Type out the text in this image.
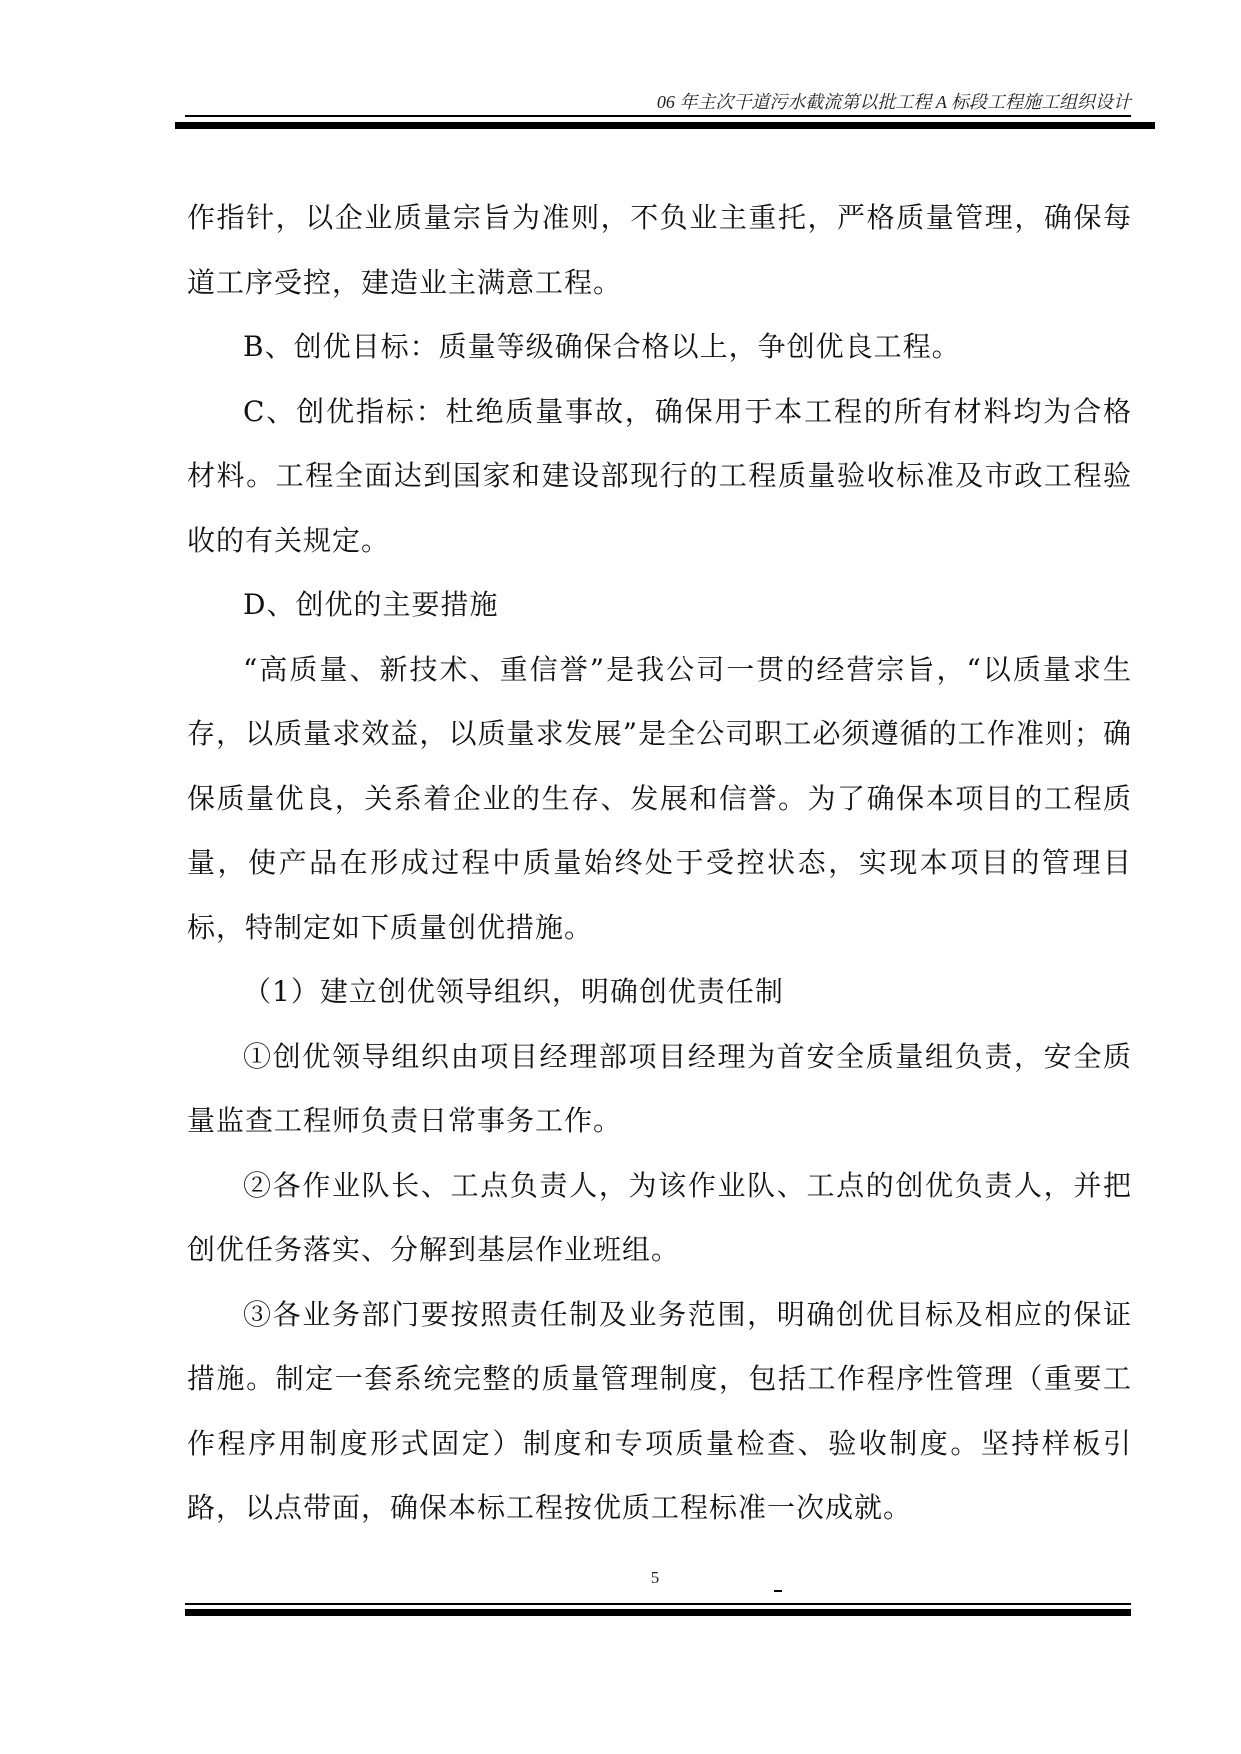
06 年主次干道污水截流第以批工程 A 标段工程施工组织设计

作指针，以企业质量宗旨为准则，不负业主重托，严格质量管理，确保每道工序受控，建造业主满意工程。

B、创优目标：质量等级确保合格以上，争创优良工程。

C、创优指标：杜绝质量事故，确保用于本工程的所有材料均为合格材料。工程全面达到国家和建设部现行的工程质量验收标准及市政工程验收的有关规定。

D、创优的主要措施

“高质量、新技术、重信誉”是我公司一贯的经营宗旨，“以质量求生存，以质量求效益，以质量求发展”是全公司职工必须遵循的工作准则；确保质量优良，关系着企业的生存、发展和信誉。为了确保本项目的工程质量，使产品在形成过程中质量始终处于受控状态，实现本项目的管理目标，特制定如下质量创优措施。

（1）建立创优领导组织，明确创优责任制

①创优领导组织由项目经理部项目经理为首安全质量组负责，安全质量监查工程师负责日常事务工作。

②各作业队长、工点负责人，为该作业队、工点的创优负责人，并把创优任务落实、分解到基层作业班组。

③各业务部门要按照责任制及业务范围，明确创优目标及相应的保证措施。制定一套系统完整的质量管理制度，包括工作程序性管理（重要工作程序用制度形式固定）制度和专项质量检查、验收制度。坚持样板引路，以点带面，确保本标工程按优质工程标准一次成就。

5
